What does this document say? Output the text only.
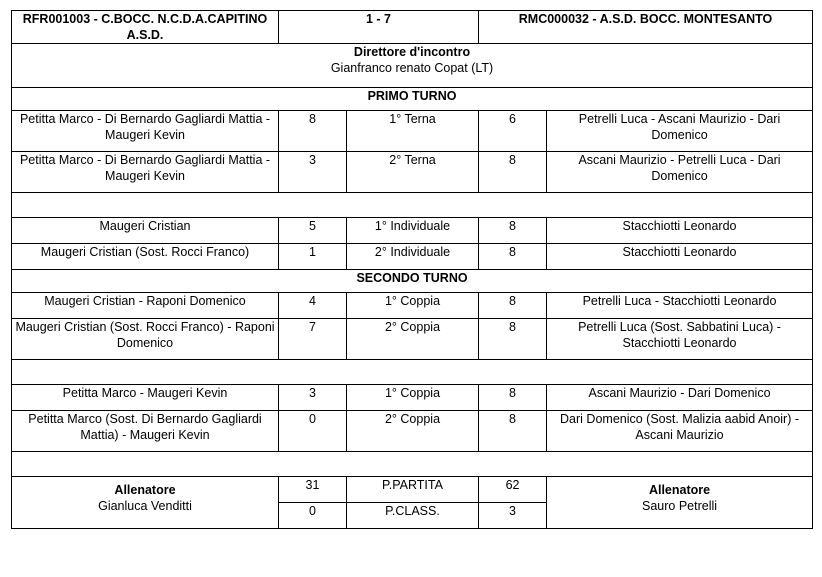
RFR001003 - C.BOCC. N.C.D.A.CAPITINO A.S.D.	1 - 7		RMC000032 - A.S.D. BOCC. MONTESANTO	

Direttore d'incontro
Gianfranco renato Copat (LT)				
PRIMO TURNO				
Petitta Marco - Di Bernardo Gagliardi Mattia - Maugeri Kevin	8	1° Terna	6	Petrelli Luca - Ascani Maurizio - Dari Domenico
Petitta Marco - Di Bernardo Gagliardi Mattia - Maugeri Kevin	3	2° Terna	8	Ascani Maurizio - Petrelli Luca - Dari Domenico

Maugeri Cristian	5	1° Individuale	8	Stacchiotti Leonardo
Maugeri Cristian (Sost. Rocci Franco)	1	2° Individuale	8	Stacchiotti Leonardo
SECONDO TURNO				
Maugeri Cristian - Raponi Domenico	4	1° Coppia	8	Petrelli Luca - Stacchiotti Leonardo
Maugeri Cristian (Sost. Rocci Franco) - Raponi Domenico	7	2° Coppia	8	Petrelli Luca (Sost. Sabbatini Luca) - Stacchiotti Leonardo

Petitta Marco - Maugeri Kevin	3	1° Coppia	8	Ascani Maurizio - Dari Domenico
Petitta Marco (Sost. Di Bernardo Gagliardi Mattia) - Maugeri Kevin	0	2° Coppia	8	Dari Domenico (Sost. Malizia aabid Anoir) - Ascani Maurizio

Allenatore
Gianluca Venditti	31	P.PARTITA	62	Allenatore
Sauro Petrelli
	0	P.CLASS.	3	
